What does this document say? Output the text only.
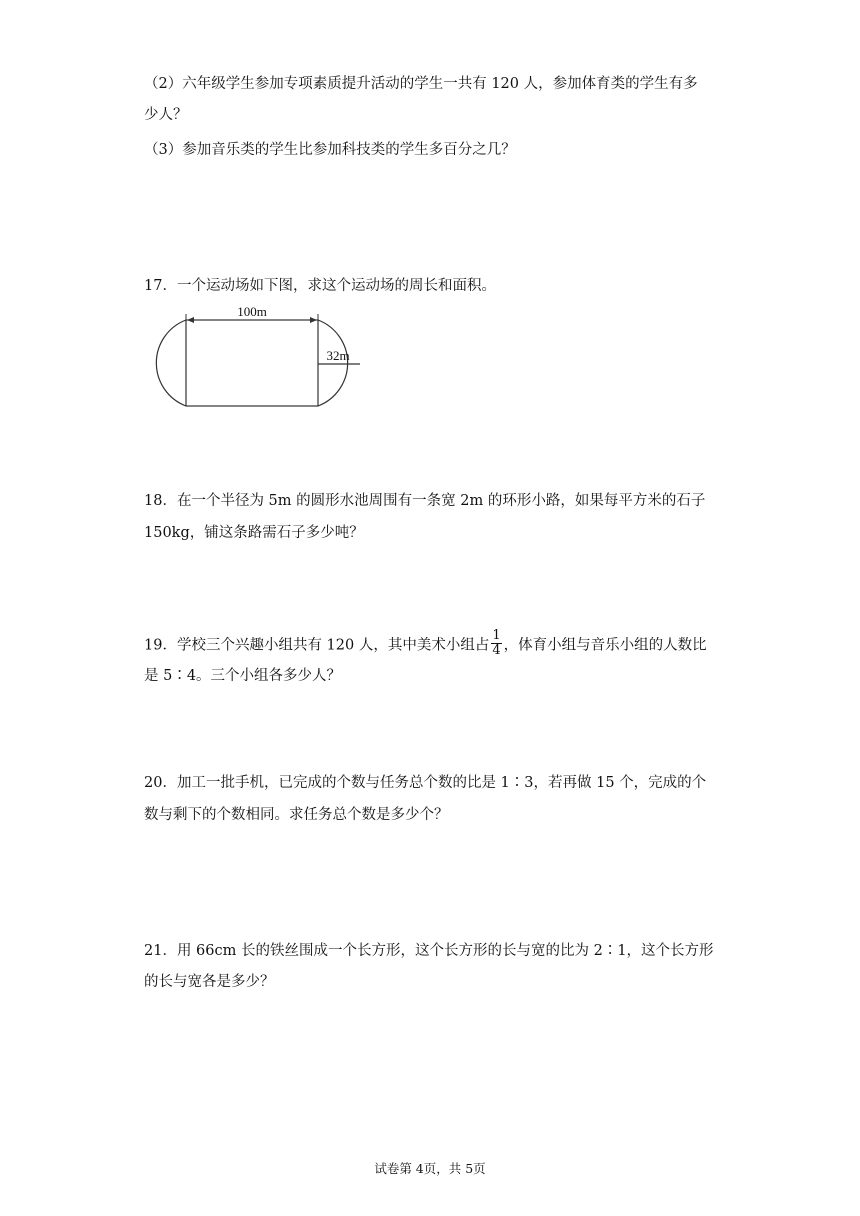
（2）六年级学生参加专项素质提升活动的学生一共有 120 人，参加体育类的学生有多
少人？
（3）参加音乐类的学生比参加科技类的学生多百分之几？
17．一个运动场如下图，求这个运动场的周长和面积。
100m
32m
18．在一个半径为 5m 的圆形水池周围有一条宽 2m 的环形小路，如果每平方米的石子
150kg，铺这条路需石子多少吨？
19．学校三个兴趣小组共有 120 人，其中美术小组占 $\frac{1}{4}$ ，体育小组与音乐小组的人数比
是 5∶4。三个小组各多少人？
20．加工一批手机，已完成的个数与任务总个数的比是 1∶3，若再做 15 个，完成的个
数与剩下的个数相同。求任务总个数是多少个？
21．用 66cm 长的铁丝围成一个长方形，这个长方形的长与宽的比为 2∶1，这个长方形
的长与宽各是多少？
试卷第 4页，共 5页
